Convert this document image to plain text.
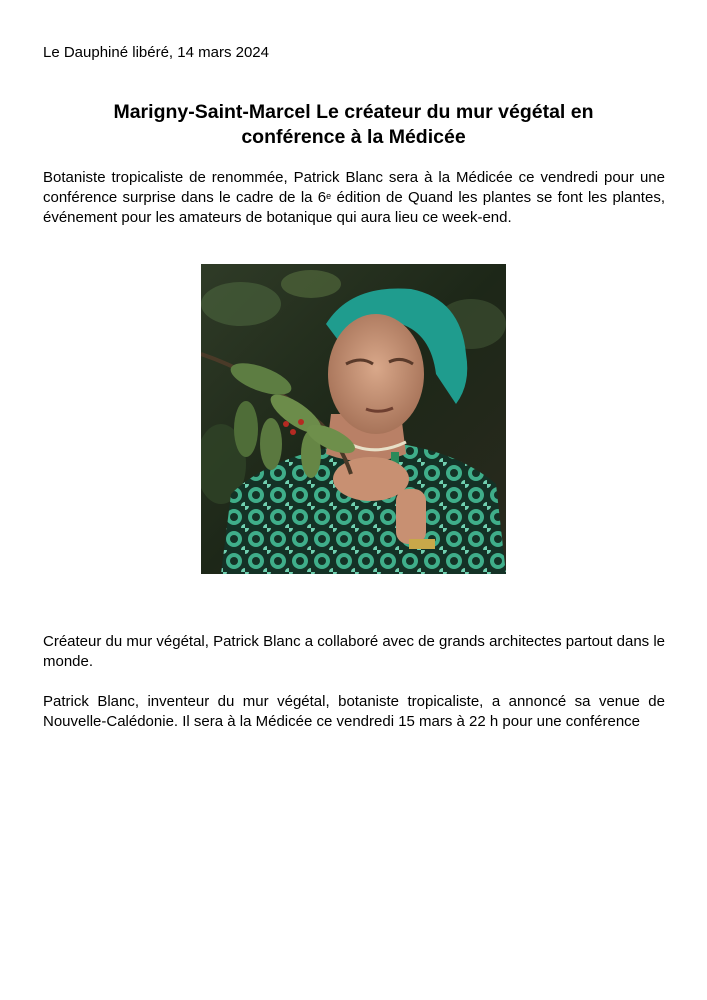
Le Dauphiné libéré, 14 mars 2024
Marigny-Saint-Marcel Le créateur du mur végétal en
conférence à la Médicée
Botaniste tropicaliste de renommée, Patrick Blanc sera à la Médicée ce vendredi pour une conférence surprise dans le cadre de la 6e édition de Quand les plantes se font les plantes, événement pour les amateurs de botanique qui aura lieu ce week-end.
Créateur du mur végétal, Patrick Blanc a collaboré avec de grands architectes partout dans le monde.
Patrick Blanc, inventeur du mur végétal, botaniste tropicaliste, a annoncé sa venue de Nouvelle-Calédonie. Il sera à la Médicée ce vendredi 15 mars à 22 h pour une conférence
